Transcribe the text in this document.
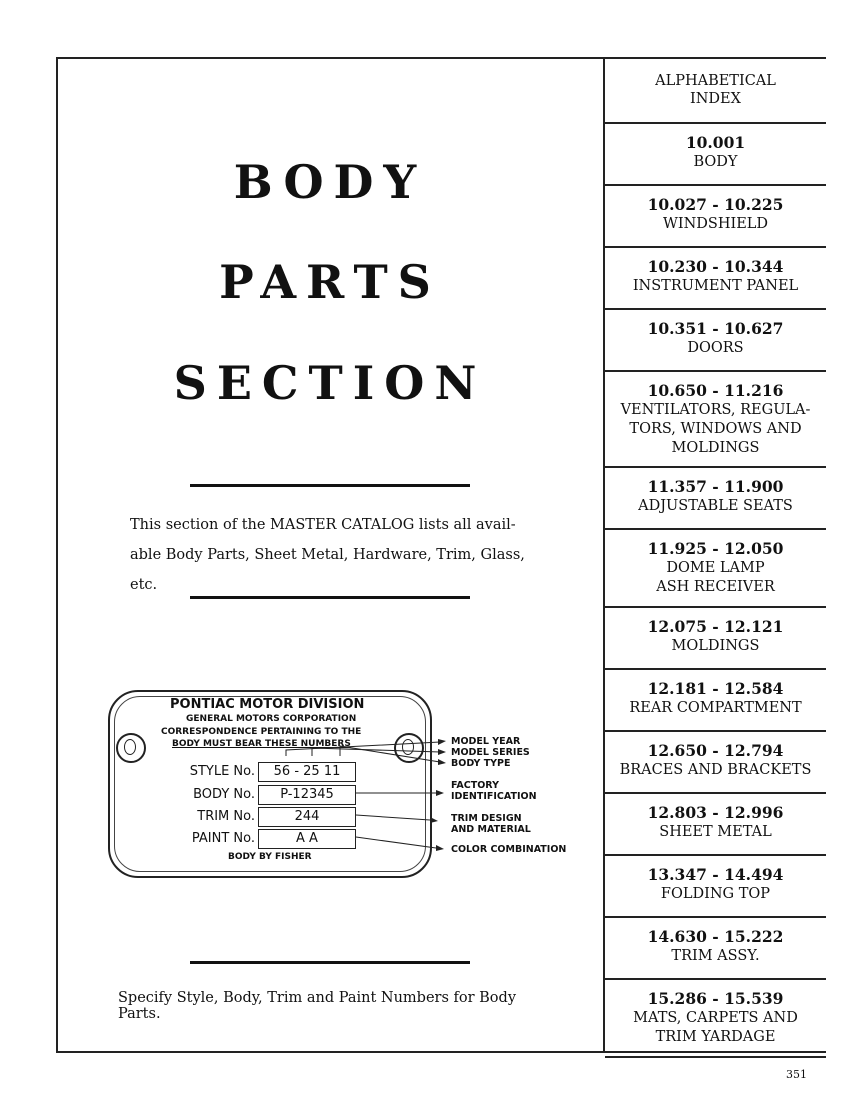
BODY
PARTS
SECTION
This section of the MASTER CATALOG lists all avail-
able Body Parts, Sheet Metal, Hardware, Trim, Glass, etc.
PONTIAC MOTOR DIVISION
GENERAL MOTORS CORPORATION
CORRESPONDENCE PERTAINING TO THE
BODY MUST BEAR THESE NUMBERS
STYLE No.	56 - 25 11
BODY No.	P-12345
TRIM No.	244
PAINT No.	A A
BODY BY FISHER
MODEL YEAR
MODEL SERIES
BODY TYPE
FACTORY
IDENTIFICATION
TRIM DESIGN
AND MATERIAL
COLOR COMBINATION
Specify Style, Body, Trim and Paint Numbers for Body Parts.
ALPHABETICAL
INDEX
10.001
BODY
10.027 - 10.225
WINDSHIELD
10.230 - 10.344
INSTRUMENT PANEL
10.351 - 10.627
DOORS
10.650 - 11.216
VENTILATORS, REGULA-
TORS, WINDOWS AND
MOLDINGS
11.357 - 11.900
ADJUSTABLE SEATS
11.925 - 12.050
DOME LAMP
ASH RECEIVER
12.075 - 12.121
MOLDINGS
12.181 - 12.584
REAR COMPARTMENT
12.650 - 12.794
BRACES AND BRACKETS
12.803 - 12.996
SHEET METAL
13.347 - 14.494
FOLDING TOP
14.630 - 15.222
TRIM ASSY.
15.286 - 15.539
MATS, CARPETS AND
TRIM YARDAGE
351
